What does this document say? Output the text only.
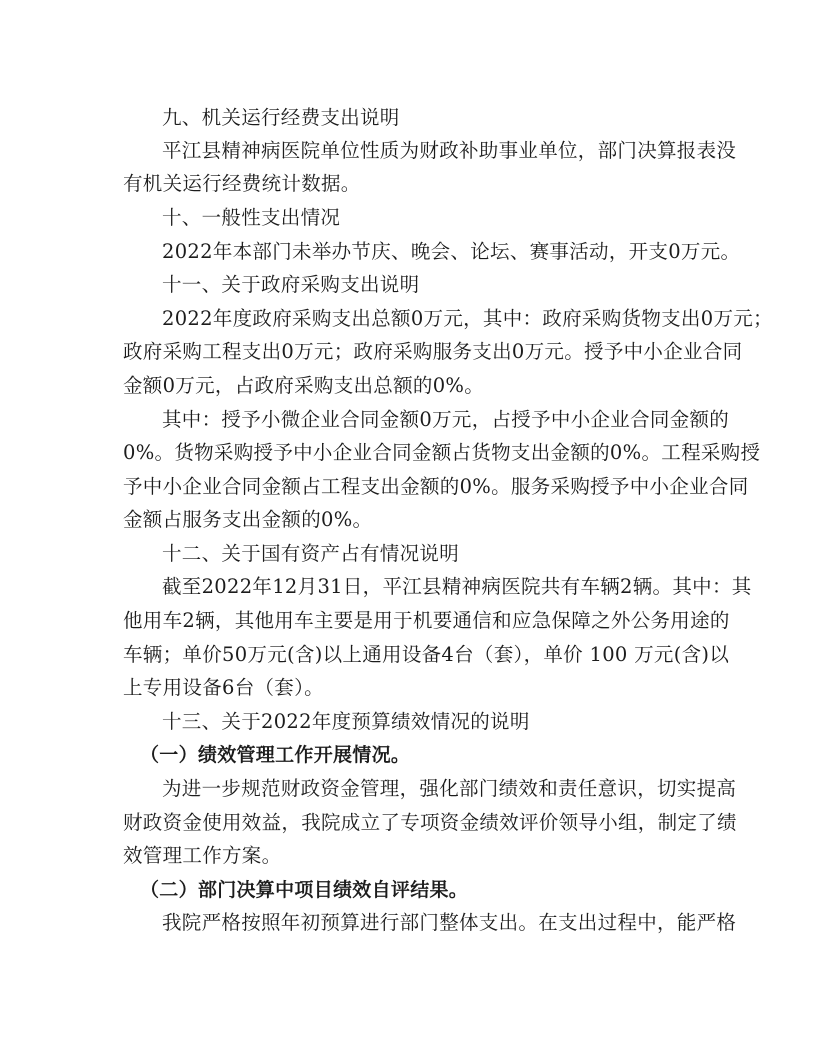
九、机关运行经费支出说明
平江县精神病医院单位性质为财政补助事业单位，部门决算报表没
有机关运行经费统计数据。
十、一般性支出情况
2022年本部门未举办节庆、晚会、论坛、赛事活动，开支0万元。
十一、关于政府采购支出说明
2022年度政府采购支出总额0万元，其中：政府采购货物支出0万元；
政府采购工程支出0万元；政府采购服务支出0万元。授予中小企业合同
金额0万元，占政府采购支出总额的0%。
其中：授予小微企业合同金额0万元，占授予中小企业合同金额的
0%。货物采购授予中小企业合同金额占货物支出金额的0%。工程采购授
予中小企业合同金额占工程支出金额的0%。服务采购授予中小企业合同
金额占服务支出金额的0%。
十二、关于国有资产占有情况说明
截至2022年12月31日，平江县精神病医院共有车辆2辆。其中：其
他用车2辆，其他用车主要是用于机要通信和应急保障之外公务用途的
车辆；单价50万元(含)以上通用设备4台（套），单价 100 万元(含)以
上专用设备6台（套）。
十三、关于2022年度预算绩效情况的说明
（一）绩效管理工作开展情况。
为进一步规范财政资金管理，强化部门绩效和责任意识，切实提高
财政资金使用效益，我院成立了专项资金绩效评价领导小组，制定了绩
效管理工作方案。
（二）部门决算中项目绩效自评结果。
我院严格按照年初预算进行部门整体支出。在支出过程中，能严格
